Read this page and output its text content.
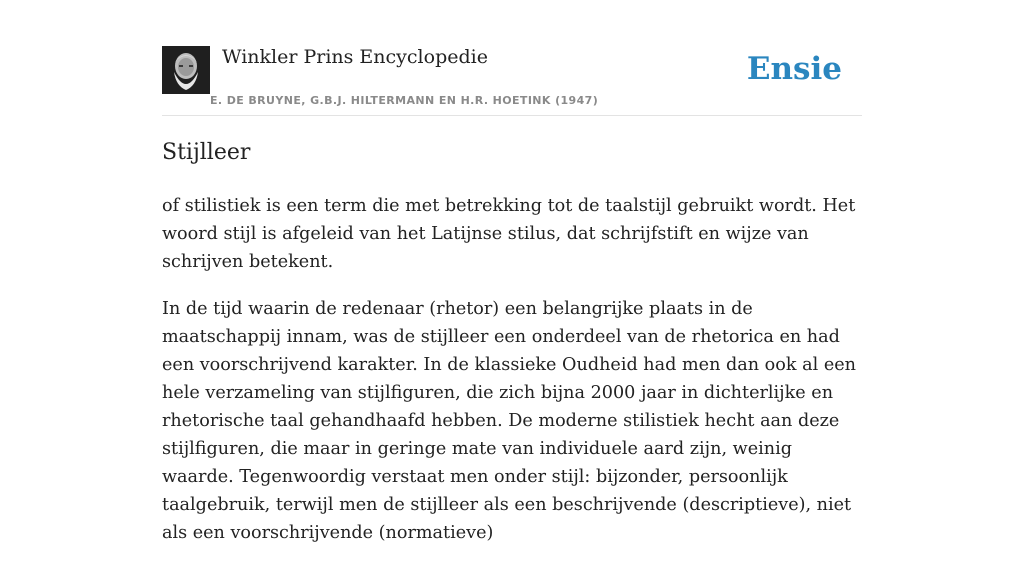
Winkler Prins Encyclopedie
E. DE BRUYNE, G.B.J. HILTERMANN EN H.R. HOETINK (1947)
Ensie
Stijlleer

of stilistiek is een term die met betrekking tot de taalstijl gebruikt wordt. Het woord stijl is afgeleid van het Latijnse stilus, dat schrijfstift en wijze van schrijven betekent.

In de tijd waarin de redenaar (rhetor) een belangrijke plaats in de maatschappij innam, was de stijlleer een onderdeel van de rhetorica en had een voorschrijvend karakter. In de klassieke Oudheid had men dan ook al een hele verzameling van stijlfiguren, die zich bijna 2000 jaar in dichterlijke en rhetorische taal gehandhaafd hebben. De moderne stilistiek hecht aan deze stijlfiguren, die maar in geringe mate van individuele aard zijn, weinig waarde. Tegenwoordig verstaat men onder stijl: bijzonder, persoonlijk taalgebruik, terwijl men de stijlleer als een beschrijvende (descriptieve), niet als een voorschrijvende (normatieve)
